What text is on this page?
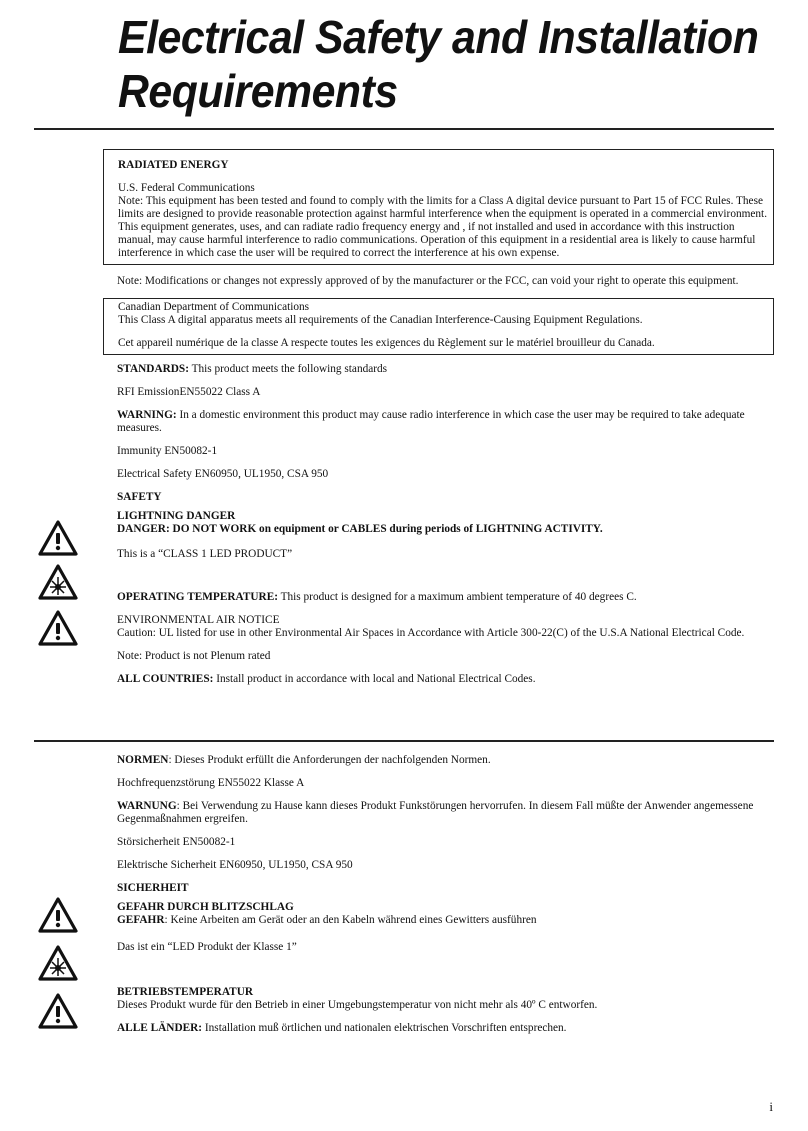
Electrical Safety and Installation Requirements

RADIATED ENERGY

U.S. Federal Communications
Note: This equipment has been tested and found to comply with the limits for a Class A digital device pursuant to Part 15 of FCC Rules. These limits are designed to provide reasonable protection against harmful interference when the equipment is operated in a commercial environment. This equipment generates, uses, and can radiate radio frequency energy and , if not installed and used in accordance with this instruction manual, may cause harmful interference to radio communications. Operation of this equipment in a residential area is likely to cause harmful interference in which case the user will be required to correct the interference at his own expense.

Note: Modifications or changes not expressly approved of by the manufacturer or the FCC, can void your right to operate this equipment.

Canadian Department of Communications
This Class A digital apparatus meets all requirements of the Canadian Interference-Causing Equipment Regulations.

Cet appareil numérique de la classe A respecte toutes les exigences du Règlement sur le matériel brouilleur du Canada.

STANDARDS: This product meets the following standards

RFI EmissionEN55022 Class A

WARNING: In a domestic environment this product may cause radio interference in which case the user may be required to take adequate measures.

Immunity EN50082-1

Electrical Safety EN60950, UL1950, CSA 950

SAFETY

LIGHTNING DANGER
DANGER: DO NOT WORK on equipment or CABLES during periods of LIGHTNING ACTIVITY.

This is a “CLASS 1 LED PRODUCT”

OPERATING TEMPERATURE: This product is designed for a maximum ambient temperature of 40 degrees C.

ENVIRONMENTAL AIR NOTICE
Caution: UL listed for use in other Environmental Air Spaces in Accordance with Article 300-22(C) of the U.S.A National Electrical Code.

Note: Product is not Plenum rated

ALL COUNTRIES: Install product in accordance with local and National Electrical Codes.

NORMEN: Dieses Produkt erfüllt die Anforderungen der nachfolgenden Normen.

Hochfrequenzstörung EN55022 Klasse A

WARNUNG: Bei Verwendung zu Hause kann dieses Produkt Funkstörungen hervorrufen. In diesem Fall müßte der Anwender angemessene Gegenmaßnahmen ergreifen.

Störsicherheit EN50082-1

Elektrische Sicherheit EN60950, UL1950, CSA 950

SICHERHEIT

GEFAHR DURCH BLITZSCHLAG
GEFAHR: Keine Arbeiten am Gerät oder an den Kabeln während eines Gewitters ausführen

Das ist ein “LED Produkt der Klasse 1”

BETRIEBSTEMPERATUR
Dieses Produkt wurde für den Betrieb in einer Umgebungstemperatur von nicht mehr als 40º C entworfen.

ALLE LÄNDER: Installation muß örtlichen und nationalen elektrischen Vorschriften entsprechen.

i
